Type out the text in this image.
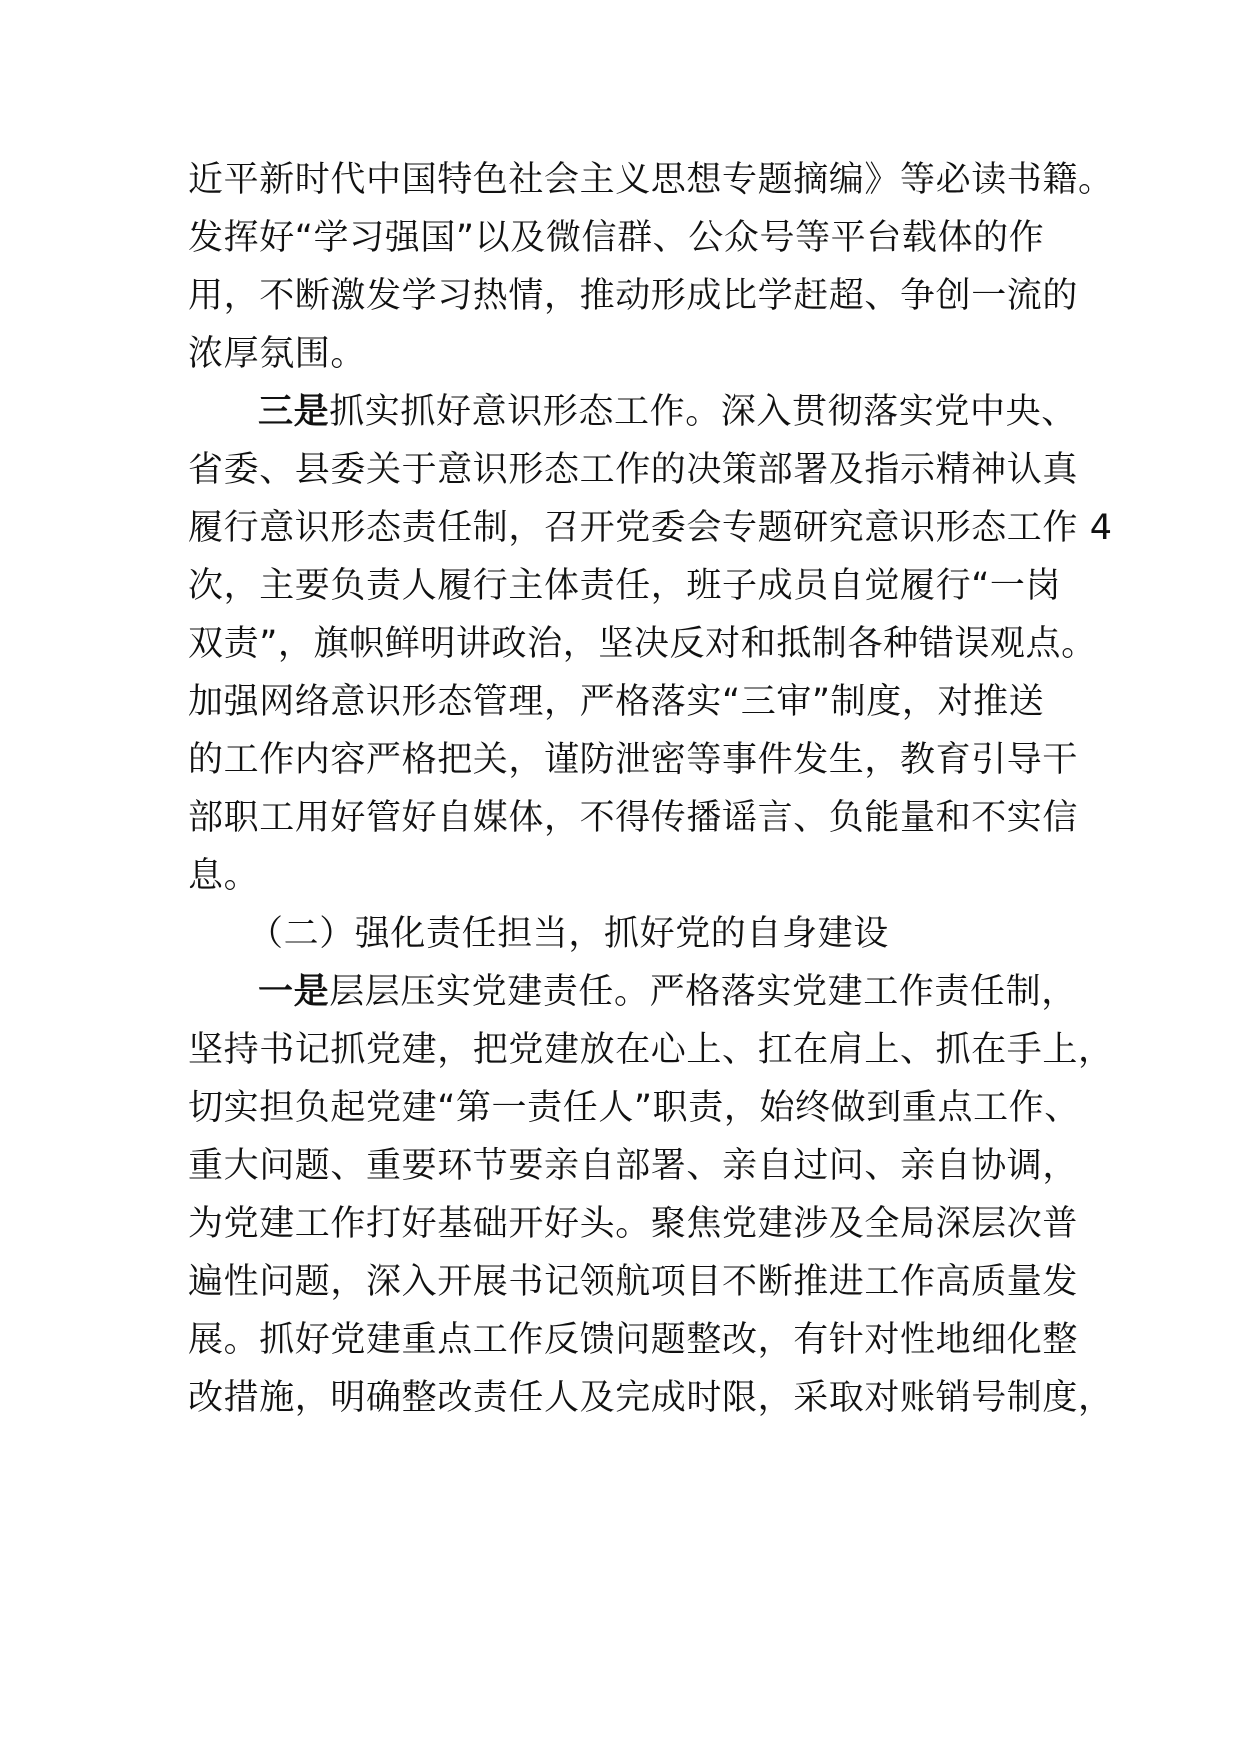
近平新时代中国特色社会主义思想专题摘编》等必读书籍。
发挥好“学习强国”以及微信群、公众号等平台载体的作
用，不断激发学习热情，推动形成比学赶超、争创一流的
浓厚氛围。
三是抓实抓好意识形态工作。深入贯彻落实党中央、
省委、县委关于意识形态工作的决策部署及指示精神认真
履行意识形态责任制，召开党委会专题研究意识形态工作 4
次，主要负责人履行主体责任，班子成员自觉履行“一岗
双责”，旗帜鲜明讲政治，坚决反对和抵制各种错误观点。
加强网络意识形态管理，严格落实“三审”制度，对推送
的工作内容严格把关，谨防泄密等事件发生，教育引导干
部职工用好管好自媒体，不得传播谣言、负能量和不实信
息。
（二）强化责任担当，抓好党的自身建设
一是层层压实党建责任。严格落实党建工作责任制，
坚持书记抓党建，把党建放在心上、扛在肩上、抓在手上，
切实担负起党建“第一责任人”职责，始终做到重点工作、
重大问题、重要环节要亲自部署、亲自过问、亲自协调，
为党建工作打好基础开好头。聚焦党建涉及全局深层次普
遍性问题，深入开展书记领航项目不断推进工作高质量发
展。抓好党建重点工作反馈问题整改，有针对性地细化整
改措施，明确整改责任人及完成时限，采取对账销号制度，
